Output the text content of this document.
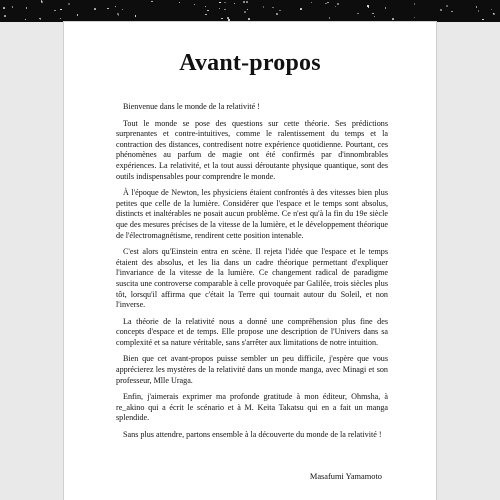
Avant-propos

Bienvenue dans le monde de la relativité !

Tout le monde se pose des questions sur cette théorie. Ses prédictions surprenantes et contre-intuitives, comme le ralentissement du temps et la contraction des distances, contredisent notre expérience quotidienne. Pourtant, ces phénomènes au parfum de magie ont été confirmés par d'innombrables expériences. La relativité, et la tout aussi déroutante physique quantique, sont des outils indispensables pour comprendre le monde.

À l'époque de Newton, les physiciens étaient confrontés à des vitesses bien plus petites que celle de la lumière. Considérer que l'espace et le temps sont absolus, distincts et inaltérables ne posait aucun problème. Ce n'est qu'à la fin du 19e siècle que des mesures précises de la vitesse de la lumière, et le développement théorique de l'électromagnétisme, rendirent cette position intenable.

C'est alors qu'Einstein entra en scène. Il rejeta l'idée que l'espace et le temps étaient des absolus, et les lia dans un cadre théorique permettant d'expliquer l'invariance de la vitesse de la lumière. Ce changement radical de paradigme suscita une controverse comparable à celle provoquée par Galilée, trois siècles plus tôt, lorsqu'il affirma que c'était la Terre qui tournait autour du Soleil, et non l'inverse.

La théorie de la relativité nous a donné une compréhension plus fine des concepts d'espace et de temps. Elle propose une description de l'Univers dans sa complexité et sa nature véritable, sans s'arrêter aux limitations de notre intuition.

Bien que cet avant-propos puisse sembler un peu difficile, j'espère que vous apprécierez les mystères de la relativité dans un monde manga, avec Minagi et son professeur, Mlle Uraga.

Enfin, j'aimerais exprimer ma profonde gratitude à mon éditeur, Ohmsha, à re_akino qui a écrit le scénario et à M. Keita Takatsu qui en a fait un manga splendide.

Sans plus attendre, partons ensemble à la découverte du monde de la relativité !

Masafumi Yamamoto
